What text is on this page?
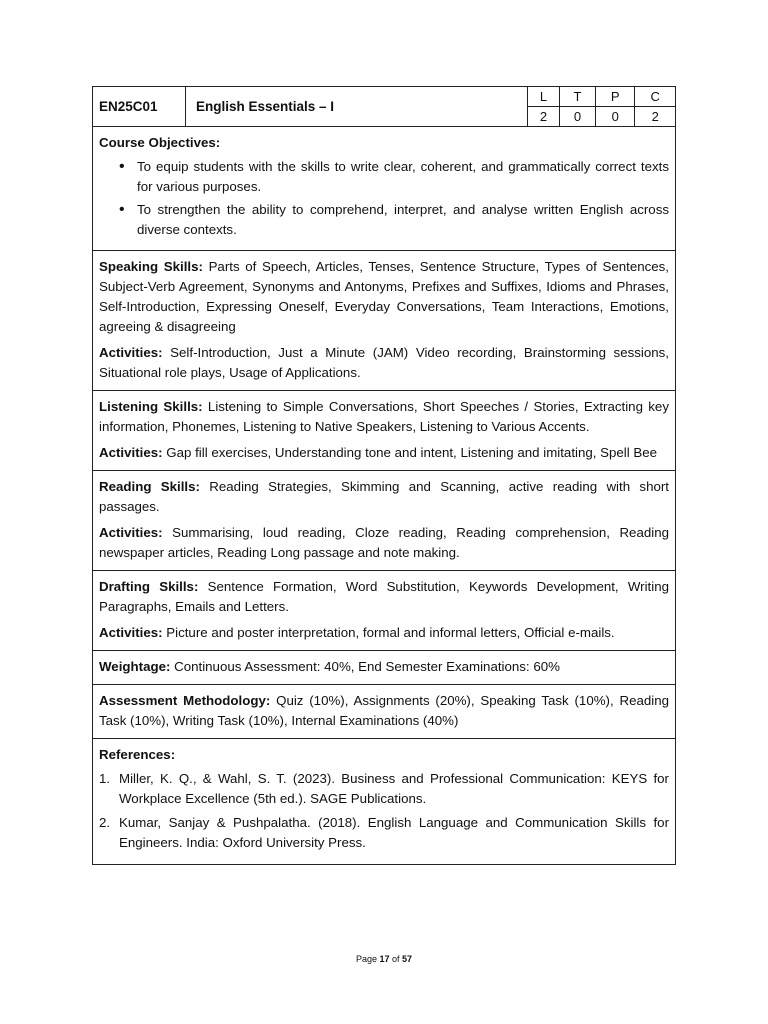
EN25C01	English Essentials – I	
L	T	P	C
2	0	0	2

Course Objectives:
• To equip students with the skills to write clear, coherent, and grammatically correct texts for various purposes.
• To strengthen the ability to comprehend, interpret, and analyse written English across diverse contexts.

Speaking Skills: Parts of Speech, Articles, Tenses, Sentence Structure, Types of Sentences, Subject-Verb Agreement, Synonyms and Antonyms, Prefixes and Suffixes, Idioms and Phrases, Self-Introduction, Expressing Oneself, Everyday Conversations, Team Interactions, Emotions, agreeing & disagreeing

Activities: Self-Introduction, Just a Minute (JAM) Video recording, Brainstorming sessions, Situational role plays, Usage of Applications.

Listening Skills: Listening to Simple Conversations, Short Speeches / Stories, Extracting key information, Phonemes, Listening to Native Speakers, Listening to Various Accents.

Activities: Gap fill exercises, Understanding tone and intent, Listening and imitating, Spell Bee

Reading Skills: Reading Strategies, Skimming and Scanning, active reading with short passages.

Activities: Summarising, loud reading, Cloze reading, Reading comprehension, Reading newspaper articles, Reading Long passage and note making.

Drafting Skills: Sentence Formation, Word Substitution, Keywords Development, Writing Paragraphs, Emails and Letters.

Activities: Picture and poster interpretation, formal and informal letters, Official e-mails.

Weightage: Continuous Assessment: 40%, End Semester Examinations: 60%

Assessment Methodology: Quiz (10%), Assignments (20%), Speaking Task (10%), Reading Task (10%), Writing Task (10%), Internal Examinations (40%)

References:
1. Miller, K. Q., & Wahl, S. T. (2023). Business and Professional Communication: KEYS for Workplace Excellence (5th ed.). SAGE Publications.
2. Kumar, Sanjay & Pushpalatha. (2018). English Language and Communication Skills for Engineers. India: Oxford University Press.
Page 17 of 57
